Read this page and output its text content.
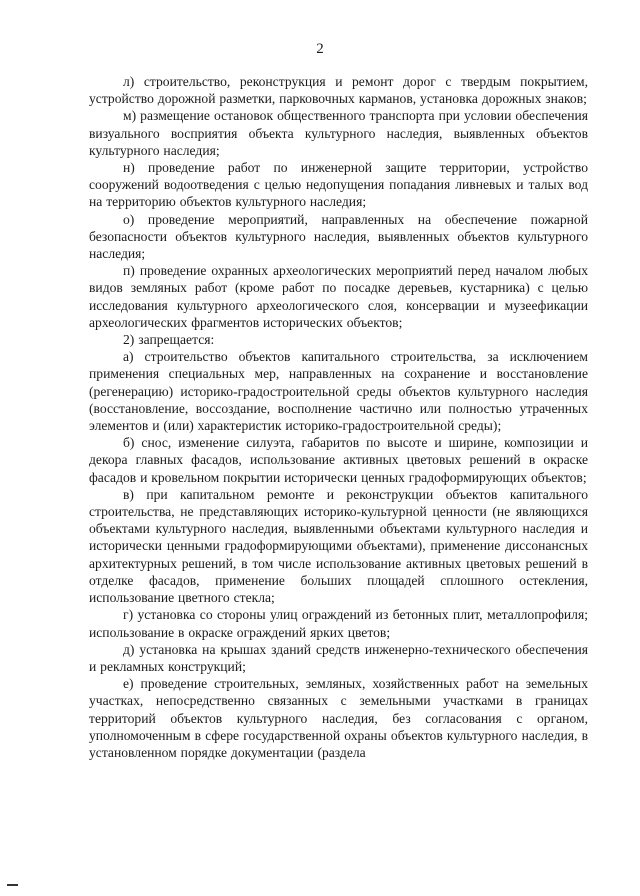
2

л) строительство, реконструкция и ремонт дорог с твердым покрытием, устройство дорожной разметки, парковочных карманов, установка дорожных знаков;

м) размещение остановок общественного транспорта при условии обеспечения визуального восприятия объекта культурного наследия, выявленных объектов культурного наследия;

н) проведение работ по инженерной защите территории, устройство сооружений водоотведения с целью недопущения попадания ливневых и талых вод на территорию объектов культурного наследия;

о) проведение мероприятий, направленных на обеспечение пожарной безопасности объектов культурного наследия, выявленных объектов культурного наследия;

п) проведение охранных археологических мероприятий перед началом любых видов земляных работ (кроме работ по посадке деревьев, кустарника) с целью исследования культурного археологического слоя, консервации и музеефикации археологических фрагментов исторических объектов;

2) запрещается:

а) строительство объектов капитального строительства, за исключением применения специальных мер, направленных на сохранение и восстановление (регенерацию) историко-градостроительной среды объектов культурного наследия (восстановление, воссоздание, восполнение частично или полностью утраченных элементов и (или) характеристик историко-градостроительной среды);

б) снос, изменение силуэта, габаритов по высоте и ширине, композиции и декора главных фасадов, использование активных цветовых решений в окраске фасадов и кровельном покрытии исторически ценных градоформирующих объектов;

в) при капитальном ремонте и реконструкции объектов капитального строительства, не представляющих историко-культурной ценности (не являющихся объектами культурного наследия, выявленными объектами культурного наследия и исторически ценными градоформирующими объектами), применение диссонансных архитектурных решений, в том числе использование активных цветовых решений в отделке фасадов, применение больших площадей сплошного остекления, использование цветного стекла;

г) установка со стороны улиц ограждений из бетонных плит, металлопрофиля; использование в окраске ограждений ярких цветов;

д) установка на крышах зданий средств инженерно-технического обеспечения и рекламных конструкций;

е) проведение строительных, земляных, хозяйственных работ на земельных участках, непосредственно связанных с земельными участками в границах территорий объектов культурного наследия, без согласования с органом, уполномоченным в сфере государственной охраны объектов культурного наследия, в установленном порядке документации (раздела
